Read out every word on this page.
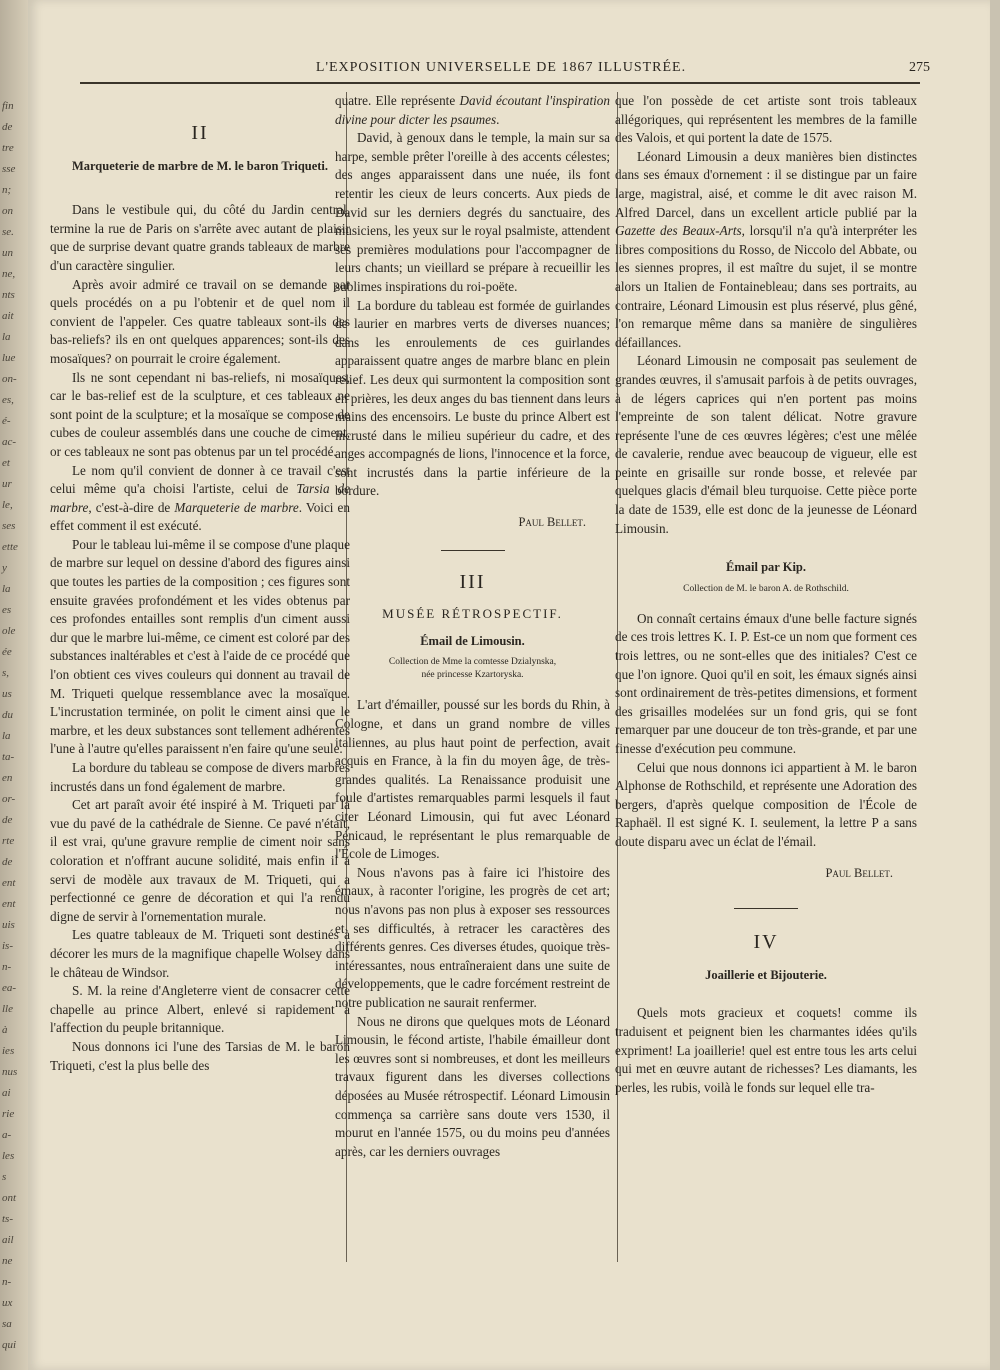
fin
de
tre
sse
n;
on
se.
un
ne,
nts
ait
la
lue
on-
es,
é-
ac-
et
ur
le,
ses
ette
y
la
es
ole
ée
s,
us
du
la
ta-
en
or-
de
rte
de
ent
ent
uis
is-
n-
ea-
lle
à
ies
nus
ai
rie
a-
les
s
ont
ts-
ail
ne
n-
ux
sa
qui
L'EXPOSITION UNIVERSELLE DE 1867 ILLUSTRÉE.	275
II
Marqueterie de marbre de M. le baron Triqueti.

Dans le vestibule qui, du côté du Jardin central, termine la rue de Paris on s'arrête avec autant de plaisir que de surprise devant quatre grands tableaux de marbre d'un caractère singulier.

Après avoir admiré ce travail on se demande par quels procédés on a pu l'obtenir et de quel nom il convient de l'appeler. Ces quatre tableaux sont-ils des bas-reliefs? ils en ont quelques apparences; sont-ils des mosaïques? on pourrait le croire également.

Ils ne sont cependant ni bas-reliefs, ni mosaïques, car le bas-relief est de la sculpture, et ces tableaux ne sont point de la sculpture; et la mosaïque se compose de cubes de couleur assemblés dans une couche de ciment, or ces tableaux ne sont pas obtenus par un tel procédé.

Le nom qu'il convient de donner à ce travail c'est celui même qu'a choisi l'artiste, celui de Tarsia de marbre, c'est-à-dire de Marqueterie de marbre. Voici en effet comment il est exécuté.

Pour le tableau lui-même il se compose d'une plaque de marbre sur lequel on dessine d'abord des figures ainsi que toutes les parties de la composition ; ces figures sont ensuite gravées profondément et les vides obtenus par ces profondes entailles sont remplis d'un ciment aussi dur que le marbre lui-même, ce ciment est coloré par des substances inaltérables et c'est à l'aide de ce procédé que l'on obtient ces vives couleurs qui donnent au travail de M. Triqueti quelque ressemblance avec la mosaïque. L'incrustation terminée, on polit le ciment ainsi que le marbre, et les deux substances sont tellement adhérentes l'une à l'autre qu'elles paraissent n'en faire qu'une seule.

La bordure du tableau se compose de divers marbres incrustés dans un fond également de marbre.

Cet art paraît avoir été inspiré à M. Triqueti par la vue du pavé de la cathédrale de Sienne. Ce pavé n'était, il est vrai, qu'une gravure remplie de ciment noir sans coloration et n'offrant aucune solidité, mais enfin il a servi de modèle aux travaux de M. Triqueti, qui a perfectionné ce genre de décoration et qui l'a rendu digne de servir à l'ornementation murale.

Les quatre tableaux de M. Triqueti sont destinés à décorer les murs de la magnifique chapelle Wolsey dans le château de Windsor.

S. M. la reine d'Angleterre vient de consacrer cette chapelle au prince Albert, enlevé si rapidement à l'affection du peuple britannique.

Nous donnons ici l'une des Tarsias de M. le baron Triqueti, c'est la plus belle des

quatre. Elle représente David écoutant l'inspiration divine pour dicter les psaumes.

David, à genoux dans le temple, la main sur sa harpe, semble prêter l'oreille à des accents célestes; des anges apparaissent dans une nuée, ils font retentir les cieux de leurs concerts. Aux pieds de David sur les derniers degrés du sanctuaire, des musiciens, les yeux sur le royal psalmiste, attendent ses premières modulations pour l'accompagner de leurs chants; un vieillard se prépare à recueillir les sublimes inspirations du roi-poëte.

La bordure du tableau est formée de guirlandes de laurier en marbres verts de diverses nuances; dans les enroulements de ces guirlandes apparaissent quatre anges de marbre blanc en plein relief. Les deux qui surmontent la composition sont en prières, les deux anges du bas tiennent dans leurs mains des encensoirs. Le buste du prince Albert est incrusté dans le milieu supérieur du cadre, et des anges accompagnés de lions, l'innocence et la force, sont incrustés dans la partie inférieure de la bordure.

Paul Bellet.
III
MUSÉE RÉTROSPECTIF.
Émail de Limousin.
Collection de Mme la comtesse Dzialynska,
née princesse Kzartoryska.

L'art d'émailler, poussé sur les bords du Rhin, à Cologne, et dans un grand nombre de villes italiennes, au plus haut point de perfection, avait acquis en France, à la fin du moyen âge, de très-grandes qualités. La Renaissance produisit une foule d'artistes remarquables parmi lesquels il faut citer Léonard Limousin, qui fut avec Léonard Pénicaud, le représentant le plus remarquable de l'École de Limoges.

Nous n'avons pas à faire ici l'histoire des émaux, à raconter l'origine, les progrès de cet art; nous n'avons pas non plus à exposer ses ressources et ses difficultés, à retracer les caractères des différents genres. Ces diverses études, quoique très-intéressantes, nous entraîneraient dans une suite de développements, que le cadre forcément restreint de notre publication ne saurait renfermer.

Nous ne dirons que quelques mots de Léonard Limousin, le fécond artiste, l'habile émailleur dont les œuvres sont si nombreuses, et dont les meilleurs travaux figurent dans les diverses collections déposées au Musée rétrospectif. Léonard Limousin commença sa carrière sans doute vers 1530, il mourut en l'année 1575, ou du moins peu d'années après, car les derniers ouvrages

que l'on possède de cet artiste sont trois tableaux allégoriques, qui représentent les membres de la famille des Valois, et qui portent la date de 1575.

Léonard Limousin a deux manières bien distinctes dans ses émaux d'ornement : il se distingue par un faire large, magistral, aisé, et comme le dit avec raison M. Alfred Darcel, dans un excellent article publié par la Gazette des Beaux-Arts, lorsqu'il n'a qu'à interpréter les libres compositions du Rosso, de Niccolo del Abbate, ou les siennes propres, il est maître du sujet, il se montre alors un Italien de Fontainebleau; dans ses portraits, au contraire, Léonard Limousin est plus réservé, plus gêné, l'on remarque même dans sa manière de singulières défaillances.

Léonard Limousin ne composait pas seulement de grandes œuvres, il s'amusait parfois à de petits ouvrages, à de légers caprices qui n'en portent pas moins l'empreinte de son talent délicat. Notre gravure représente l'une de ces œuvres légères; c'est une mêlée de cavalerie, rendue avec beaucoup de vigueur, elle est peinte en grisaille sur ronde bosse, et relevée par quelques glacis d'émail bleu turquoise. Cette pièce porte la date de 1539, elle est donc de la jeunesse de Léonard Limousin.

Émail par Kip.
Collection de M. le baron A. de Rothschild.

On connaît certains émaux d'une belle facture signés de ces trois lettres K. I. P. Est-ce un nom que forment ces trois lettres, ou ne sont-elles que des initiales? C'est ce que l'on ignore. Quoi qu'il en soit, les émaux signés ainsi sont ordinairement de très-petites dimensions, et forment des grisailles modelées sur un fond gris, qui se font remarquer par une douceur de ton très-grande, et par une finesse d'exécution peu commune.

Celui que nous donnons ici appartient à M. le baron Alphonse de Rothschild, et représente une Adoration des bergers, d'après quelque composition de l'École de Raphaël. Il est signé K. I. seulement, la lettre P a sans doute disparu avec un éclat de l'émail.

Paul Bellet.
IV
Joaillerie et Bijouterie.

Quels mots gracieux et coquets! comme ils traduisent et peignent bien les charmantes idées qu'ils expriment! La joaillerie! quel est entre tous les arts celui qui met en œuvre autant de richesses? Les diamants, les perles, les rubis, voilà le fonds sur lequel elle tra-
